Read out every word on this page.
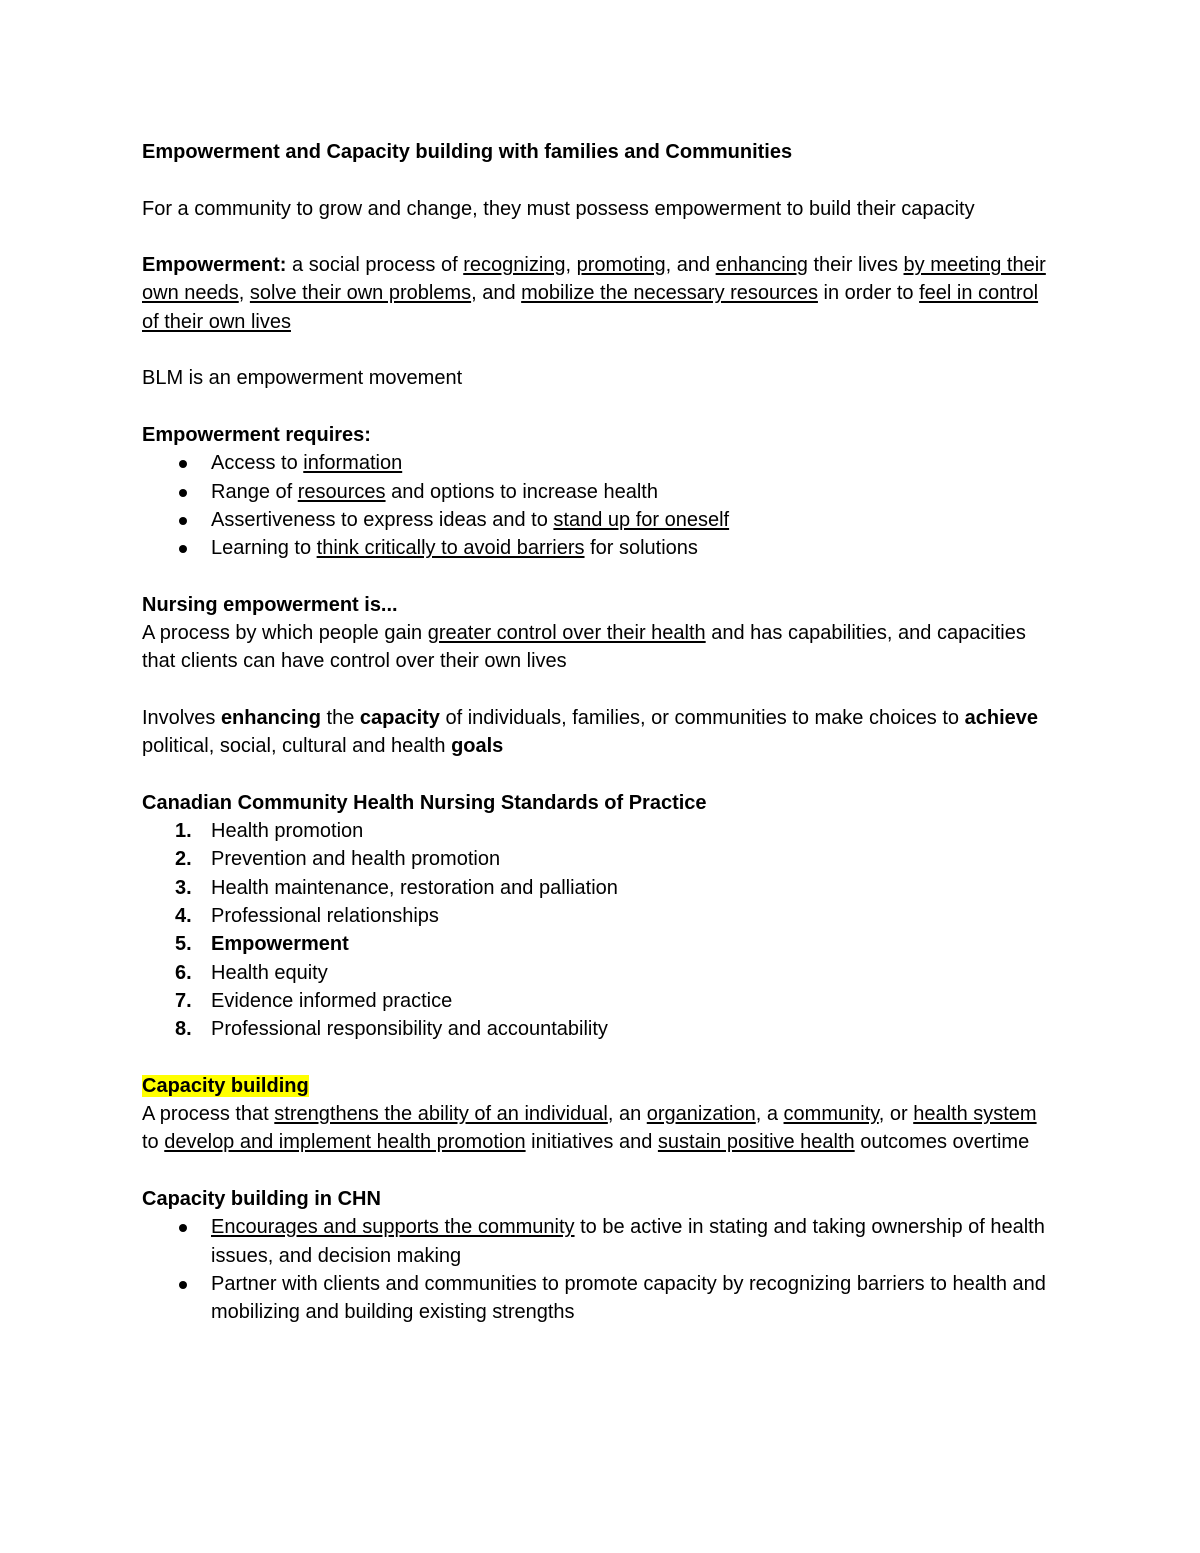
Empowerment and Capacity building with families and Communities

For a community to grow and change, they must possess empowerment to build their capacity

Empowerment: a social process of recognizing, promoting, and enhancing their lives by meeting their own needs, solve their own problems, and mobilize the necessary resources in order to feel in control of their own lives

BLM is an empowerment movement

Empowerment requires:

Access to information
Range of resources and options to increase health
Assertiveness to express ideas and to stand up for oneself
Learning to think critically to avoid barriers for solutions

Nursing empowerment is...

A process by which people gain greater control over their health and has capabilities, and capacities that clients can have control over their own lives

Involves enhancing the capacity of individuals, families, or communities to make choices to achieve political, social, cultural and health goals

Canadian Community Health Nursing Standards of Practice

1. Health promotion
2. Prevention and health promotion
3. Health maintenance, restoration and palliation
4. Professional relationships
5. Empowerment
6. Health equity
7. Evidence informed practice
8. Professional responsibility and accountability

Capacity building

A process that strengthens the ability of an individual, an organization, a community, or health system to develop and implement health promotion initiatives and sustain positive health outcomes overtime

Capacity building in CHN

Encourages and supports the community to be active in stating and taking ownership of health issues, and decision making
Partner with clients and communities to promote capacity by recognizing barriers to health and mobilizing and building existing strengths
